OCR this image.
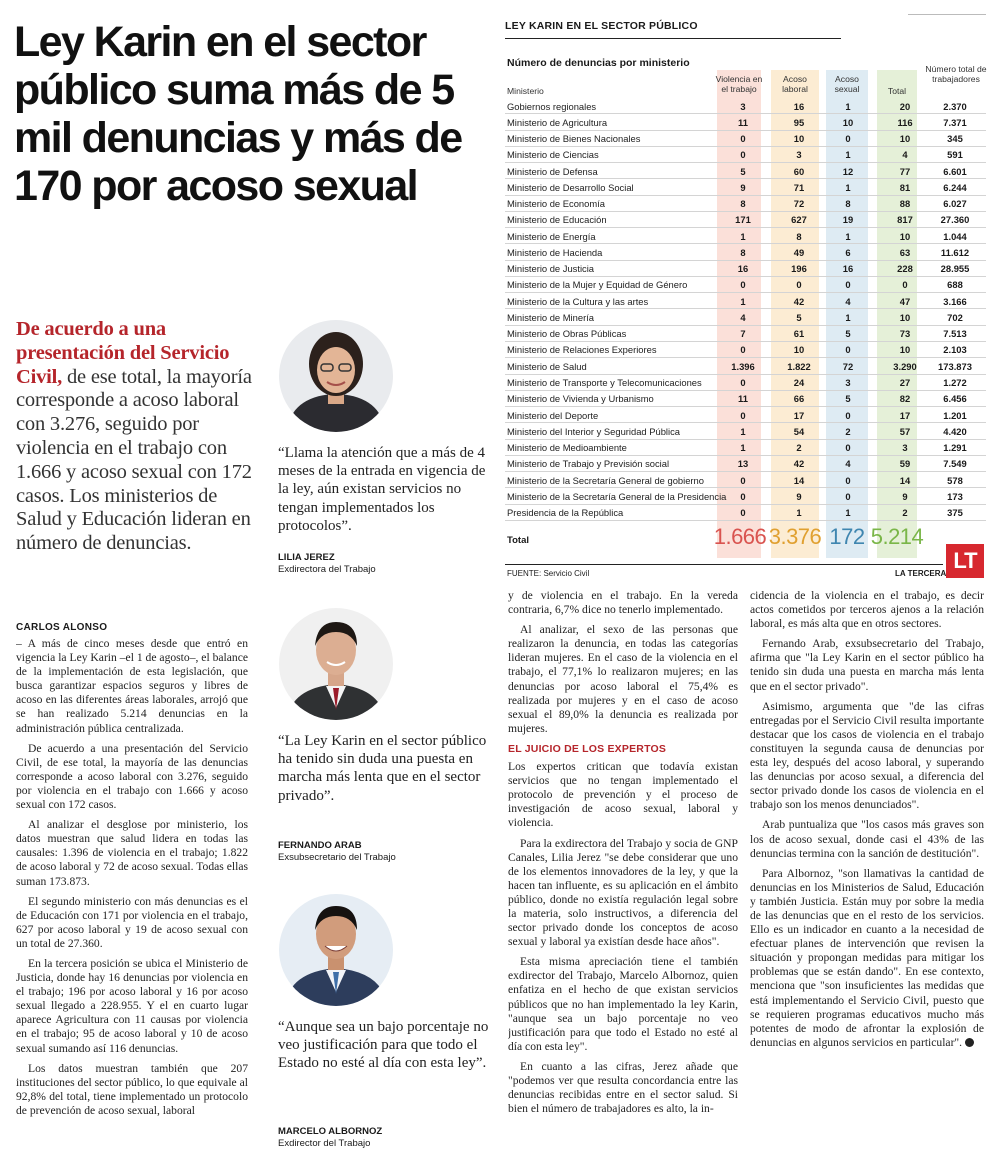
Ley Karin en el sector público suma más de 5 mil denuncias y más de 170 por acoso sexual
De acuerdo a una presentación del Servicio Civil, de ese total, la mayoría corresponde a acoso laboral con 3.276, seguido por violencia en el trabajo con 1.666 y acoso sexual con 172 casos. Los ministerios de Salud y Educación lideran en número de denuncias.
CARLOS ALONSO

– A más de cinco meses desde que entró en vigencia la Ley Karin –el 1 de agosto–, el balance de la implementación de esta legislación, que busca garantizar espacios seguros y libres de acoso en las diferentes áreas laborales, arrojó que se han realizado 5.214 denuncias en la administración pública centralizada.

De acuerdo a una presentación del Servicio Civil, de ese total, la mayoría de las denuncias corresponde a acoso laboral con 3.276, seguido por violencia en el trabajo con 1.666 y acoso sexual con 172 casos.

Al analizar el desglose por ministerio, los datos muestran que salud lidera en todas las causales: 1.396 de violencia en el trabajo; 1.822 de acoso laboral y 72 de acoso sexual. Todas ellas suman 173.873.

El segundo ministerio con más denuncias es el de Educación con 171 por violencia en el trabajo, 627 por acoso laboral y 19 de acoso sexual con un total de 27.360.

En la tercera posición se ubica el Ministerio de Justicia, donde hay 16 denuncias por violencia en el trabajo; 196 por acoso laboral y 16 por acoso sexual llegado a 228.955. Y el en cuarto lugar aparece Agricultura con 11 causas por violencia en el trabajo; 95 de acoso laboral y 10 de acoso sexual sumando así 116 denuncias.

Los datos muestran también que 207 instituciones del sector público, lo que equivale al 92,8% del total, tiene implementado un protocolo de prevención de acoso sexual, laboral

y de violencia en el trabajo. En la vereda contraria, 6,7% dice no tenerlo implementado.

Al analizar, el sexo de las personas que realizaron la denuncia, en todas las categorías lideran mujeres. En el caso de la violencia en el trabajo, el 77,1% lo realizaron mujeres; en las denuncias por acoso laboral el 75,4% es realizada por mujeres y en el caso de acoso sexual el 89,0% la denuncia es realizada por mujeres.

EL JUICIO DE LOS EXPERTOS

Los expertos critican que todavía existan servicios que no tengan implementado el protocolo de prevención y el proceso de investigación de acoso sexual, laboral y violencia.

Para la exdirectora del Trabajo y socia de GNP Canales, Lilia Jerez "se debe considerar que uno de los elementos innovadores de la ley, y que la hacen tan influente, es su aplicación en el ámbito público, donde no existía regulación legal sobre la materia, solo instructivos, a diferencia del sector privado donde los conceptos de acoso sexual y laboral ya existían desde hace años".

Esta misma apreciación tiene el también exdirector del Trabajo, Marcelo Albornoz, quien enfatiza en el hecho de que existan servicios públicos que no han implementado la ley Karin, "aunque sea un bajo porcentaje no veo justificación para que todo el Estado no esté al día con esta ley".

En cuanto a las cifras, Jerez añade que "podemos ver que resulta concordancia entre las denuncias recibidas entre en el sector salud. Si bien el número de trabajadores es alto, la in-

cidencia de la violencia en el trabajo, es decir actos cometidos por terceros ajenos a la relación laboral, es más alta que en otros sectores.

Fernando Arab, exsubsecretario del Trabajo, afirma que "la Ley Karin en el sector público ha tenido sin duda una puesta en marcha más lenta que en el sector privado".

Asimismo, argumenta que "de las cifras entregadas por el Servicio Civil resulta importante destacar que los casos de violencia en el trabajo constituyen la segunda causa de denuncias por esta ley, después del acoso laboral, y superando las denuncias por acoso sexual, a diferencia del sector privado donde los casos de violencia en el trabajo son los menos denunciados".

Arab puntualiza que "los casos más graves son los de acoso sexual, donde casi el 43% de las denuncias termina con la sanción de destitución".

Para Albornoz, "son llamativas la cantidad de denuncias en los Ministerios de Salud, Educación y también Justicia. Están muy por sobre la media de las denuncias que en el resto de los servicios. Ello es un indicador en cuanto a la necesidad de efectuar planes de intervención que revisen la situación y propongan medidas para mitigar los problemas que se están dando". En ese contexto, menciona que "son insuficientes las medidas que está implementando el Servicio Civil, puesto que se requieren programas educativos mucho más potentes de modo de afrontar la explosión de denuncias en algunos servicios en particular".

“Llama la atención que a más de 4 meses de la entrada en vigencia de la ley, aún existan servicios no tengan implementados los protocolos”.
LILIA JEREZ
Exdirectora del Trabajo
“La Ley Karin en el sector público ha tenido sin duda una puesta en marcha más lenta que en el sector privado”.
FERNANDO ARAB
Exsubsecretario del Trabajo
“Aunque sea un bajo porcentaje no veo justificación para que todo el Estado no esté al día con esta ley”.
MARCELO ALBORNOZ
Exdirector del Trabajo
LEY KARIN EN EL SECTOR PÚBLICO
Número de denuncias por ministerio
Ministerio
Violencia en el trabajo
Acoso laboral
Acoso sexual	Total
Número total de trabajadores
Gobiernos regionales	3	16	1	20	2.370
Ministerio de Agricultura	11	95	10	116	7.371
Ministerio de Bienes Nacionales	0	10	0	10	345
Ministerio de Ciencias	0	3	1	4	591
Ministerio de Defensa	5	60	12	77	6.601
Ministerio de Desarrollo Social	9	71	1	81	6.244
Ministerio de Economía	8	72	8	88	6.027
Ministerio de Educación	171	627	19	817	27.360
Ministerio de Energía	1	8	1	10	1.044
Ministerio de Hacienda	8	49	6	63	11.612
Ministerio de Justicia	16	196	16	228	28.955
Ministerio de la Mujer y Equidad de Género	0	0	0	0	688
Ministerio de la Cultura y las artes	1	42	4	47	3.166
Ministerio de Minería	4	5	1	10	702
Ministerio de Obras Públicas	7	61	5	73	7.513
Ministerio de Relaciones Experiores	0	10	0	10	2.103
Ministerio de Salud	1.396	1.822	72	3.290	173.873
Ministerio de Transporte y Telecomunicaciones	0	24	3	27	1.272
Ministerio de Vivienda y Urbanismo	11	66	5	82	6.456
Ministerio del Deporte	0	17	0	17	1.201
Ministerio del Interior y Seguridad Pública	1	54	2	57	4.420
Ministerio de Medioambiente	1	2	0	3	1.291
Ministerio de Trabajo y Previsión social	13	42	4	59	7.549
Ministerio de la Secretaría General de gobierno	0	14	0	14	578
Ministerio de la Secretaría General de la Presidencia	0	9	0	9	173
Presidencia de la República	0	1	1	2	375
Total	1.666 3.376 172 5.214
FUENTE: Servicio Civil	LA TERCERA
LT
